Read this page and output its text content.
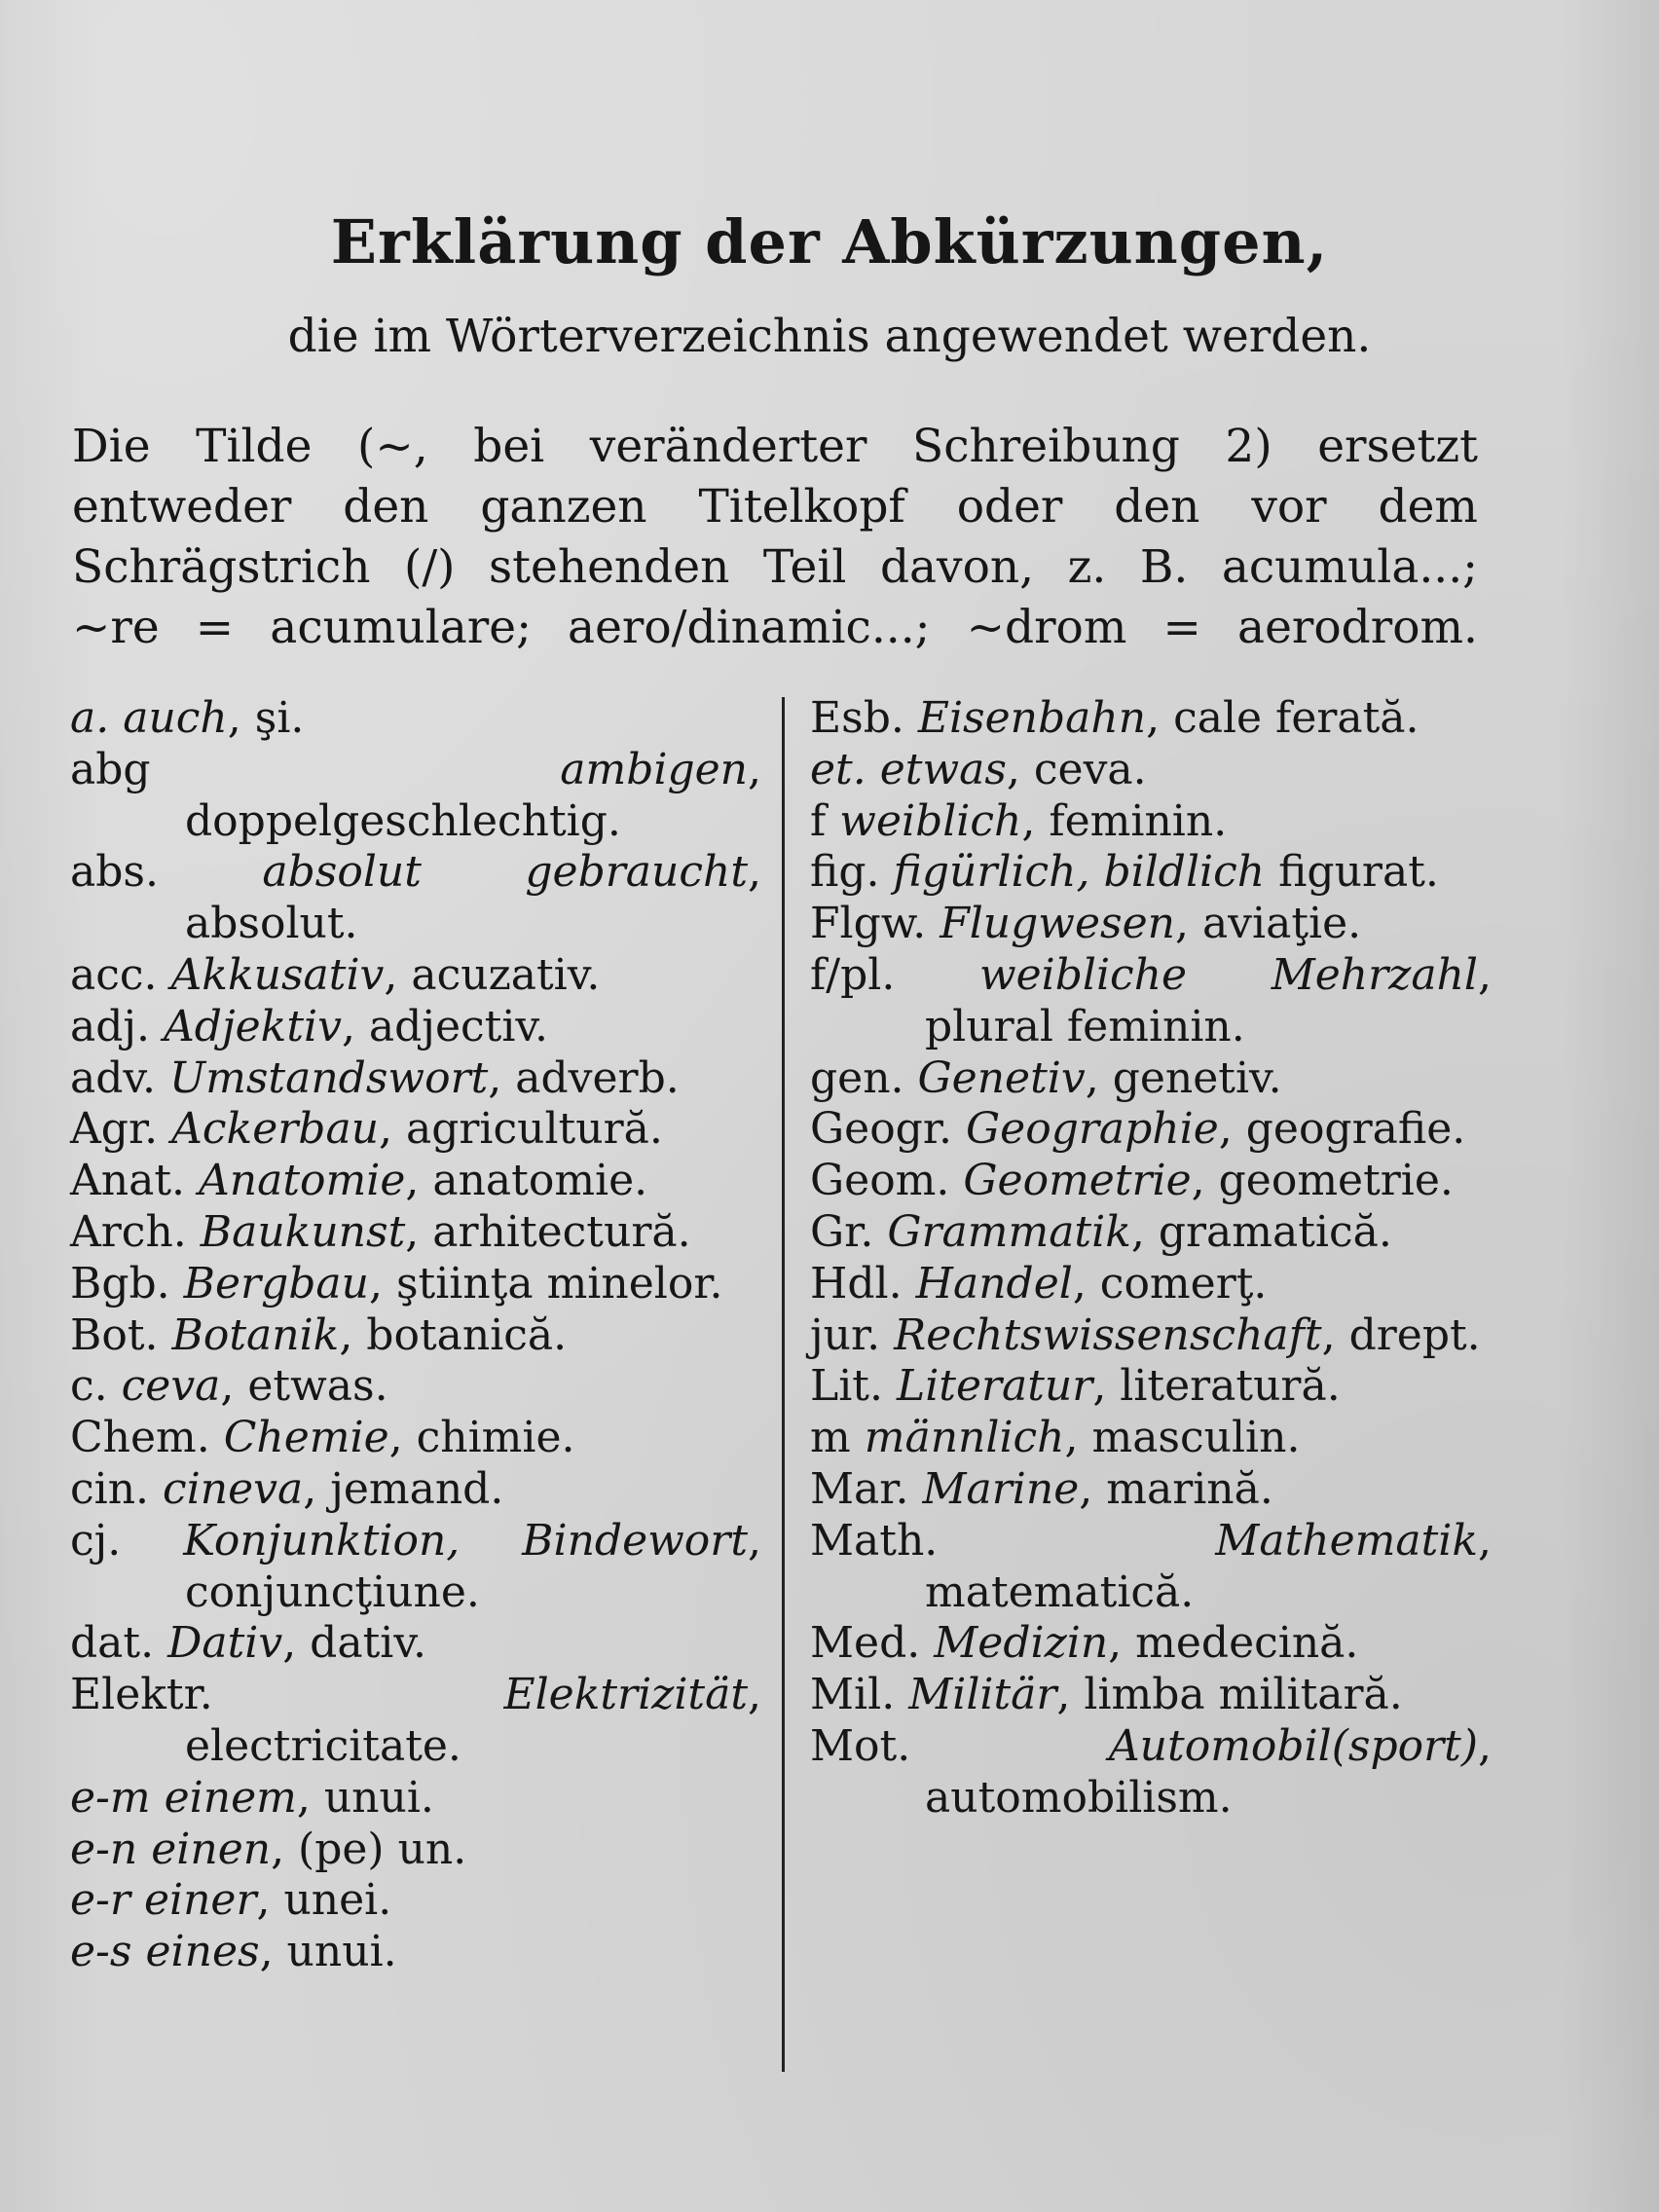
Erklärung der Abkürzungen,

die im Wörterverzeichnis angewendet werden.

Die Tilde (~, bei veränderter Schreibung 2) ersetzt
entweder den ganzen Titelkopf oder den vor dem
Schrägstrich (/) stehenden Teil davon, z. B. acumula...;
~re = acumulare; aero/dinamic...; ~drom = aerodrom.

a. auch, şi.

abg	ambigen, doppelgeschlechtig.

abs. absolut gebraucht, absolut.

acc. Akkusativ, acuzativ.

adj. Adjektiv, adjectiv.

adv. Umstandswort, adverb.

Agr. Ackerbau, agricultură.

Anat. Anatomie, anatomie.

Arch. Baukunst, arhitectură.

Bgb. Bergbau, ştiinţa minelor.

Bot. Botanik, botanică.

c. ceva, etwas.

Chem. Chemie, chimie.

cin. cineva, jemand.

cj. Konjunktion, Bindewort, conjuncţiune.

dat. Dativ, dativ.

Elektr.	Elektrizität, electricitate.

e-m einem, unui.

e-n einen, (pe) un.

e-r einer, unei.

e-s eines, unui.

Esb. Eisenbahn, cale ferată.

et. etwas, ceva.

f weiblich, feminin.

fig. figürlich, bildlich figurat.

Flgw. Flugwesen, aviaţie.

f/pl. weibliche Mehrzahl, plural feminin.

gen. Genetiv, genetiv.

Geogr. Geographie, geografie.

Geom. Geometrie, geometrie.

Gr. Grammatik, gramatică.

Hdl. Handel, comerţ.

jur. Rechtswissenschaft, drept.

Lit. Literatur, literatură.

m männlich, masculin.

Mar. Marine, marină.

Math.	Mathematik, matematică.

Med. Medizin, medecină.

Mil. Militär, limba militară.

Mot.	Automobil(sport), automobilism.
